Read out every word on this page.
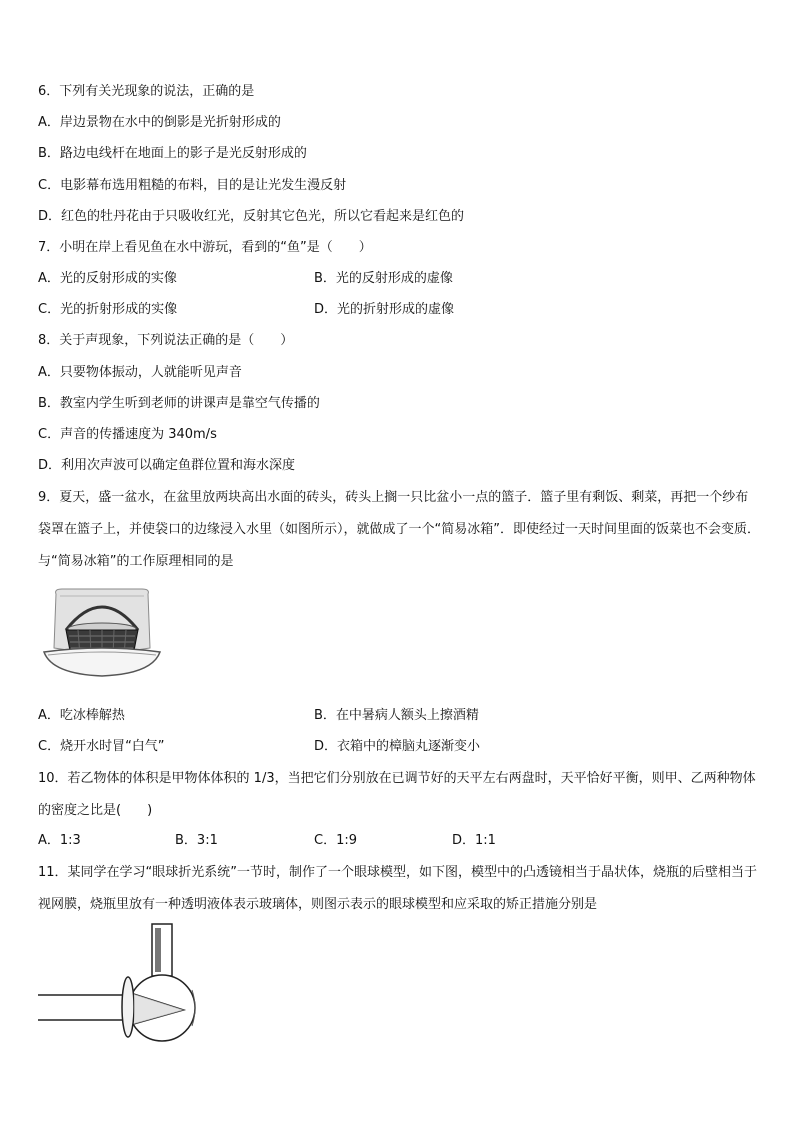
6．下列有关光现象的说法，正确的是
A．岸边景物在水中的倒影是光折射形成的
B．路边电线杆在地面上的影子是光反射形成的
C．电影幕布选用粗糙的布料，目的是让光发生漫反射
D．红色的牡丹花由于只吸收红光，反射其它色光，所以它看起来是红色的
7．小明在岸上看见鱼在水中游玩，看到的“鱼”是（　　）
A．光的反射形成的实像	B．光的反射形成的虚像
C．光的折射形成的实像	D．光的折射形成的虚像
8．关于声现象，下列说法正确的是（　　）
A．只要物体振动，人就能听见声音
B．教室内学生听到老师的讲课声是靠空气传播的
C．声音的传播速度为 340m/s
D．利用次声波可以确定鱼群位置和海水深度
9．夏天，盛一盆水，在盆里放两块高出水面的砖头，砖头上搁一只比盆小一点的篮子．篮子里有剩饭、剩菜，再把一个纱布袋罩在篮子上，并使袋口的边缘浸入水里（如图所示），就做成了一个“简易冰箱”．即使经过一天时间里面的饭菜也不会变质．与“简易冰箱”的工作原理相同的是
A．吃冰棒解热	B．在中暑病人额头上擦酒精
C．烧开水时冒“白气”	D．衣箱中的樟脑丸逐渐变小
10．若乙物体的体积是甲物体体积的 1/3，当把它们分别放在已调节好的天平左右两盘时，天平恰好平衡，则甲、乙两种物体的密度之比是(　　)
A．1:3	B．3:1	C．1:9	D．1:1
11．某同学在学习“眼球折光系统”一节时，制作了一个眼球模型，如下图，模型中的凸透镜相当于晶状体，烧瓶的后壁相当于视网膜，烧瓶里放有一种透明液体表示玻璃体，则图示表示的眼球模型和应采取的矫正措施分别是
